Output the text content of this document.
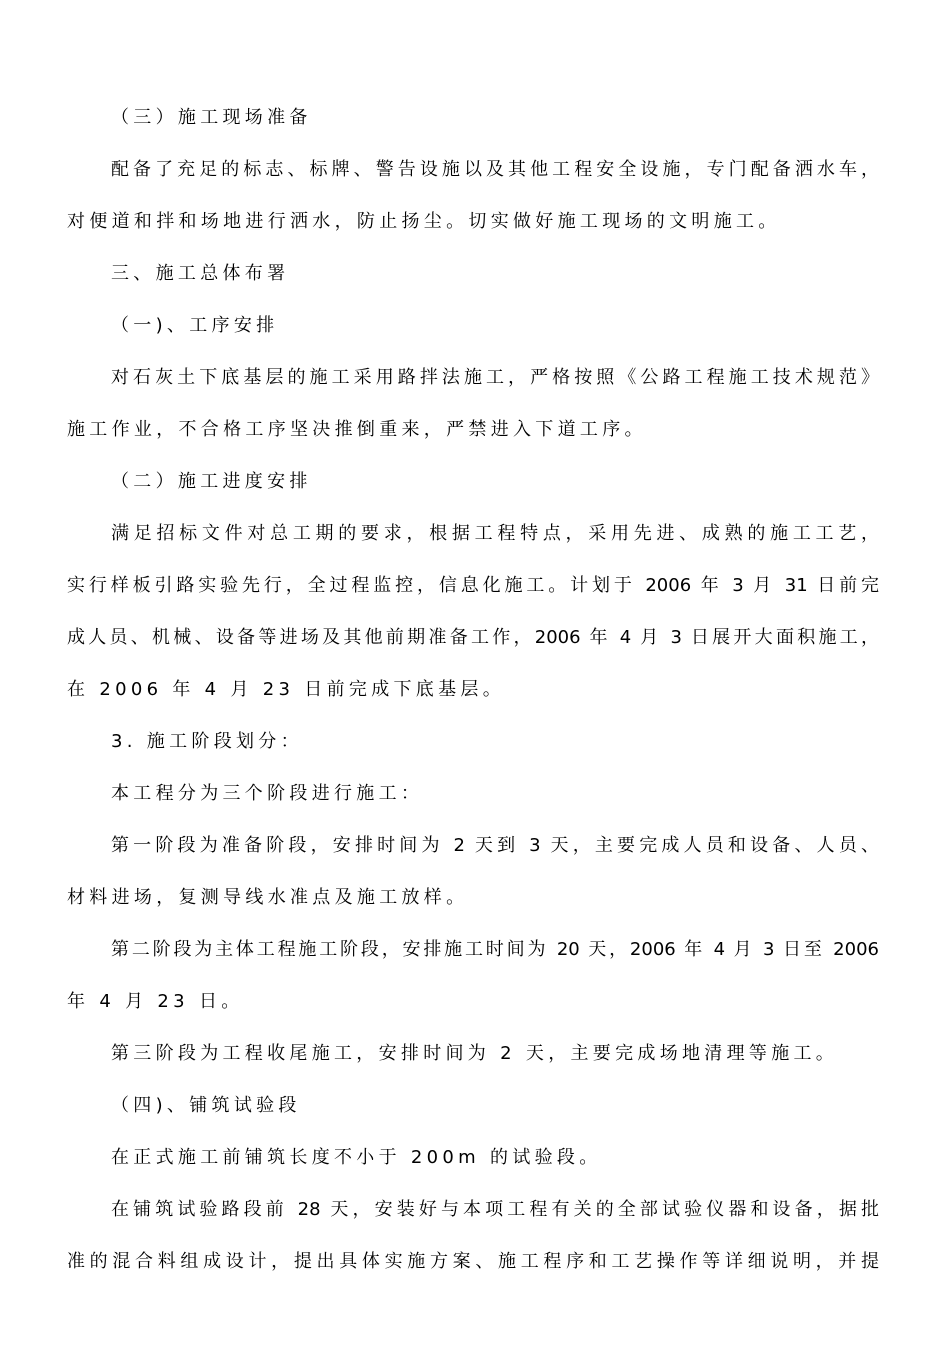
（三）施工现场准备
配备了充足的标志、标牌、警告设施以及其他工程安全设施，专门配备洒水车，
对便道和拌和场地进行洒水，防止扬尘。切实做好施工现场的文明施工。
三、施工总体布署
（一)、工序安排
对石灰土下底基层的施工采用路拌法施工，严格按照《公路工程施工技术规范》
施工作业，不合格工序坚决推倒重来，严禁进入下道工序。
（二）施工进度安排
满足招标文件对总工期的要求，根据工程特点，采用先进、成熟的施工工艺，
实行样板引路实验先行，全过程监控，信息化施工。计划于 2006 年 3 月 31 日前完
成人员、机械、设备等进场及其他前期准备工作，2006 年 4 月 3 日展开大面积施工，
在 2006 年 4 月 23 日前完成下底基层。
3. 施工阶段划分：
本工程分为三个阶段进行施工：
第一阶段为准备阶段，安排时间为 2 天到 3 天，主要完成人员和设备、人员、
材料进场，复测导线水准点及施工放样。
第二阶段为主体工程施工阶段，安排施工时间为 20 天，2006 年 4 月 3 日至 2006
年 4 月 23 日。
第三阶段为工程收尾施工，安排时间为 2 天，主要完成场地清理等施工。
（四)、铺筑试验段
在正式施工前铺筑长度不小于 200m 的试验段。
在铺筑试验路段前 28 天，安装好与本项工程有关的全部试验仪器和设备，据批
准的混合料组成设计，提出具体实施方案、施工程序和工艺操作等详细说明，并提
